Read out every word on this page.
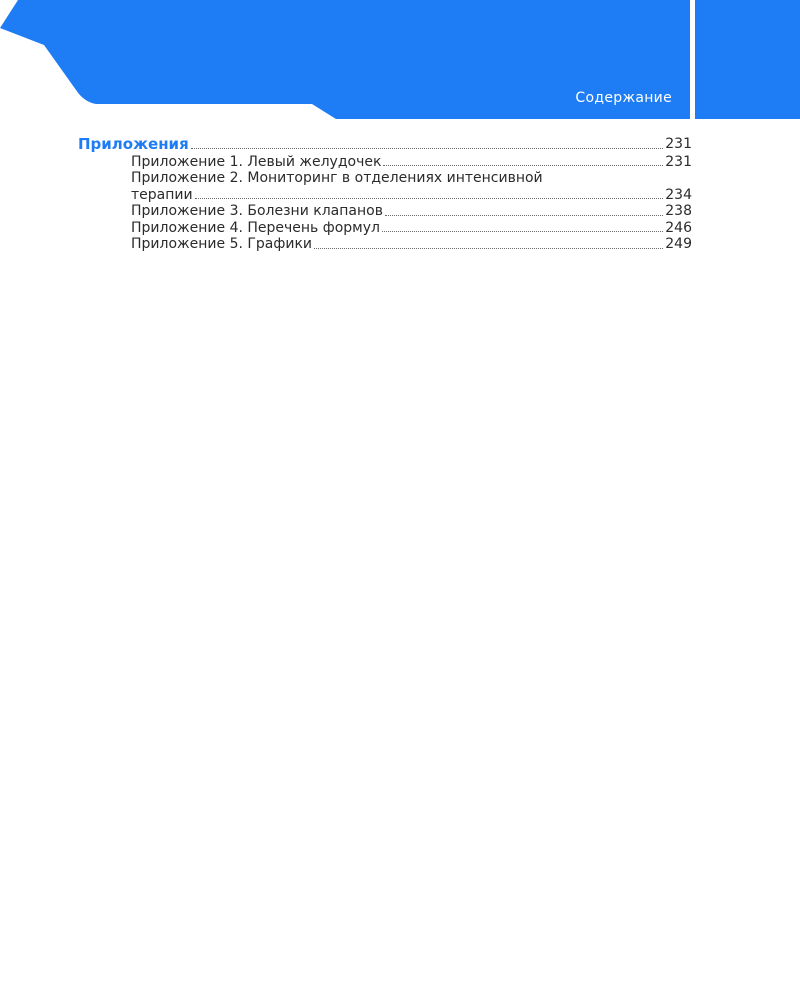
Содержание
Приложения	231
Приложение 1. Левый желудочек	231
Приложение 2. Мониторинг в отделениях интенсивной
терапии	234
Приложение 3. Болезни клапанов	238
Приложение 4. Перечень формул	246
Приложение 5. Графики	249
